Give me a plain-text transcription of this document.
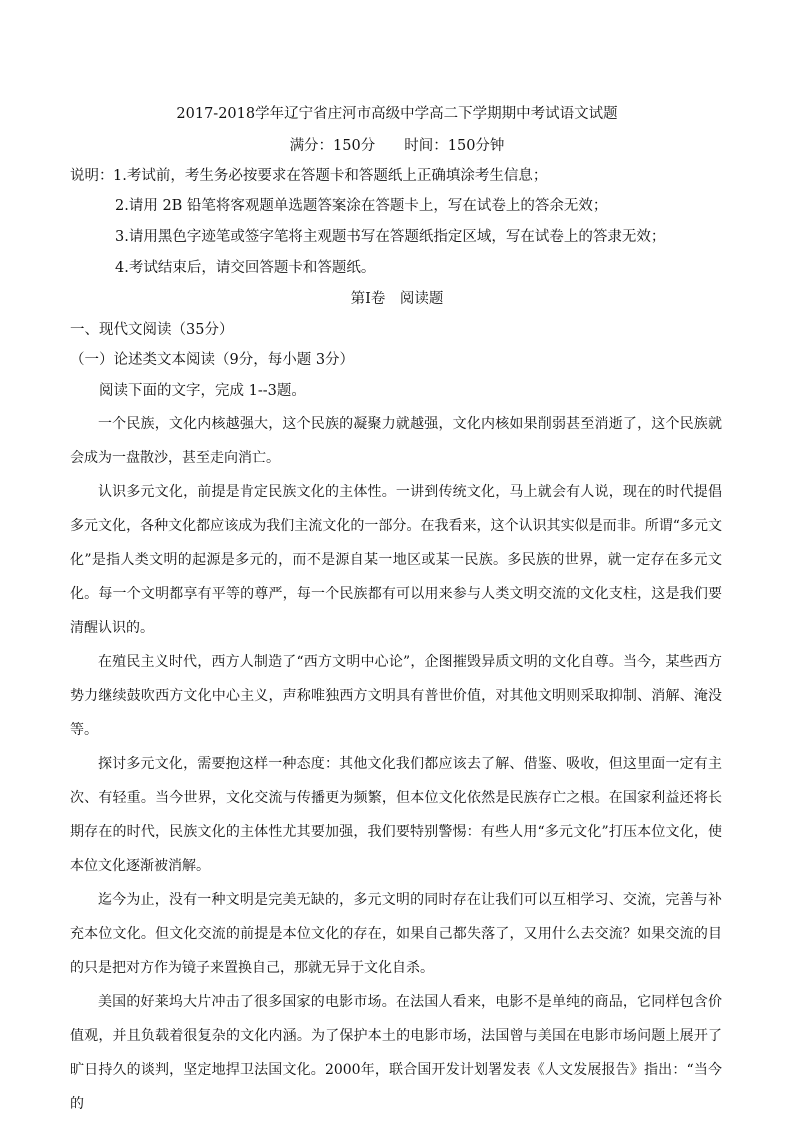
2017-2018学年辽宁省庄河市高级中学高二下学期期中考试语文试题
满分：150分　　时间：150分钟
说明： 1.考试前，考生务必按要求在答题卡和答题纸上正确填涂考生信息；
2.请用 2B 铅笔将客观题单选题答案涂在答题卡上，写在试卷上的答余无效；
3.请用黑色字迹笔或签字笔将主观题书写在答题纸指定区域，写在试卷上的答隶无效；
4.考试结束后，请交回答题卡和答题纸。
第Ⅰ卷　阅读题
一、现代文阅读（35分）
（一）论述类文本阅读（9分，每小题 3分）
阅读下面的文字，完成 1--3题。

一个民族，文化内核越强大，这个民族的凝聚力就越强，文化内核如果削弱甚至消逝了，这个民族就会成为一盘散沙，甚至走向消亡。

认识多元文化，前提是肯定民族文化的主体性。一讲到传统文化，马上就会有人说，现在的时代提倡多元文化，各种文化都应该成为我们主流文化的一部分。在我看来，这个认识其实似是而非。所谓“多元文化”是指人类文明的起源是多元的，而不是源自某一地区或某一民族。多民族的世界，就一定存在多元文化。每一个文明都享有平等的尊严，每一个民族都有可以用来参与人类文明交流的文化支柱，这是我们要清醒认识的。

在殖民主义时代，西方人制造了“西方文明中心论”，企图摧毁异质文明的文化自尊。当今，某些西方势力继续鼓吹西方文化中心主义，声称唯独西方文明具有普世价值，对其他文明则采取抑制、消解、淹没等。

探讨多元文化，需要抱这样一种态度：其他文化我们都应该去了解、借鉴、吸收，但这里面一定有主次、有轻重。当今世界，文化交流与传播更为频繁，但本位文化依然是民族存亡之根。在国家利益还将长期存在的时代，民族文化的主体性尤其要加强，我们要特别警惕：有些人用“多元文化”打压本位文化，使本位文化逐渐被消解。

迄今为止，没有一种文明是完美无缺的，多元文明的同时存在让我们可以互相学习、交流，完善与补充本位文化。但文化交流的前提是本位文化的存在，如果自己都失落了，又用什么去交流？如果交流的目的只是把对方作为镜子来置换自己，那就无异于文化自杀。

美国的好莱坞大片冲击了很多国家的电影市场。在法国人看来，电影不是单纯的商品，它同样包含价值观，并且负载着很复杂的文化内涵。为了保护本土的电影市场，法国曾与美国在电影市场问题上展开了旷日持久的谈判，坚定地捍卫法国文化。2000年，联合国开发计划署发表《人文发展报告》指出：“当今的
